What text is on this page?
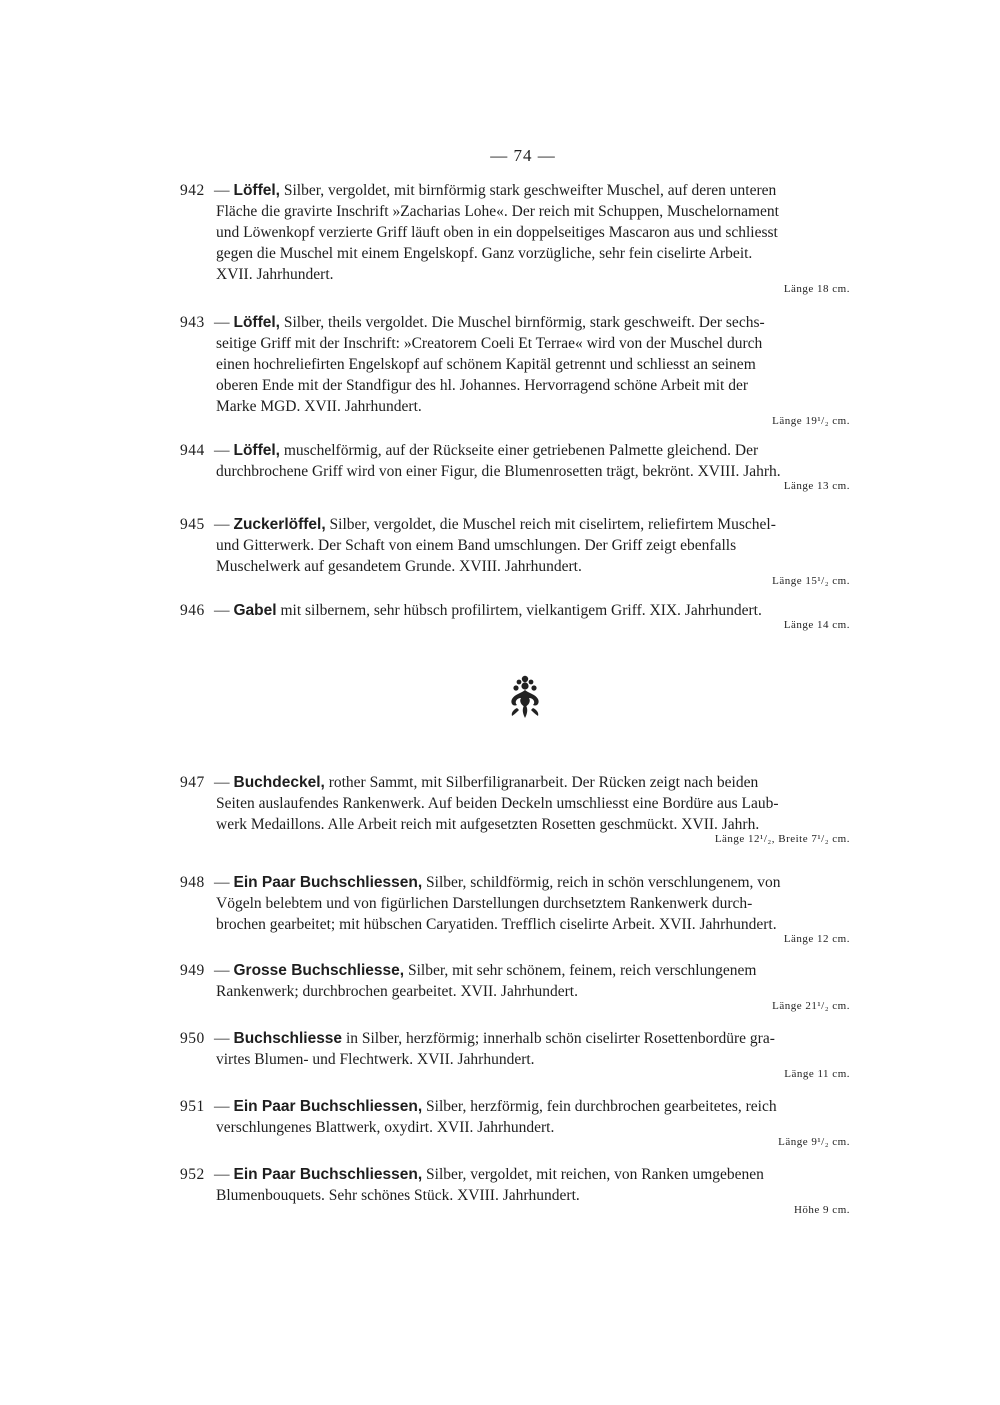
— 74 —
942 — Löffel, Silber, vergoldet, mit birnförmig stark geschweifter Muschel, auf deren unteren
Fläche die gravirte Inschrift »Zacharias Lohe«. Der reich mit Schuppen, Muschelornament
und Löwenkopf verzierte Griff läuft oben in ein doppelseitiges Mascaron aus und schliesst
gegen die Muschel mit einem Engelskopf. Ganz vorzügliche, sehr fein ciselirte Arbeit.
XVII. Jahrhundert.
Länge 18 cm.
943 — Löffel, Silber, theils vergoldet. Die Muschel birnförmig, stark geschweift. Der sechs-
seitige Griff mit der Inschrift: »Creatorem Coeli Et Terrae« wird von der Muschel durch
einen hochreliefirten Engelskopf auf schönem Kapitäl getrennt und schliesst an seinem
oberen Ende mit der Standfigur des hl. Johannes. Hervorragend schöne Arbeit mit der
Marke MGD. XVII. Jahrhundert.
Länge 19¹/₂ cm.
944 — Löffel, muschelförmig, auf der Rückseite einer getriebenen Palmette gleichend. Der
durchbrochene Griff wird von einer Figur, die Blumenrosetten trägt, bekrönt. XVIII. Jahrh.
Länge 13 cm.
945 — Zuckerlöffel, Silber, vergoldet, die Muschel reich mit ciselirtem, reliefirtem Muschel-
und Gitterwerk. Der Schaft von einem Band umschlungen. Der Griff zeigt ebenfalls
Muschelwerk auf gesandetem Grunde. XVIII. Jahrhundert.
Länge 15¹/₂ cm.
946 — Gabel mit silbernem, sehr hübsch profilirtem, vielkantigem Griff. XIX. Jahrhundert.
Länge 14 cm.
947 — Buchdeckel, rother Sammt, mit Silberfiligranarbeit. Der Rücken zeigt nach beiden
Seiten auslaufendes Rankenwerk. Auf beiden Deckeln umschliesst eine Bordüre aus Laub-
werk Medaillons. Alle Arbeit reich mit aufgesetzten Rosetten geschmückt. XVII. Jahrh.
Länge 12¹/₂, Breite 7¹/₂ cm.
948 — Ein Paar Buchschliessen, Silber, schildförmig, reich in schön verschlungenem, von
Vögeln belebtem und von figürlichen Darstellungen durchsetztem Rankenwerk durch-
brochen gearbeitet; mit hübschen Caryatiden. Trefflich ciselirte Arbeit. XVII. Jahrhundert.
Länge 12 cm.
949 — Grosse Buchschliesse, Silber, mit sehr schönem, feinem, reich verschlungenem
Rankenwerk; durchbrochen gearbeitet. XVII. Jahrhundert.
Länge 21¹/₂ cm.
950 — Buchschliesse in Silber, herzförmig; innerhalb schön ciselirter Rosettenbordüre gra-
virtes Blumen- und Flechtwerk. XVII. Jahrhundert.
Länge 11 cm.
951 — Ein Paar Buchschliessen, Silber, herzförmig, fein durchbrochen gearbeitetes, reich
verschlungenes Blattwerk, oxydirt. XVII. Jahrhundert.
Länge 9¹/₂ cm.
952 — Ein Paar Buchschliessen, Silber, vergoldet, mit reichen, von Ranken umgebenen
Blumenbouquets. Sehr schönes Stück. XVIII. Jahrhundert.
Höhe 9 cm.
